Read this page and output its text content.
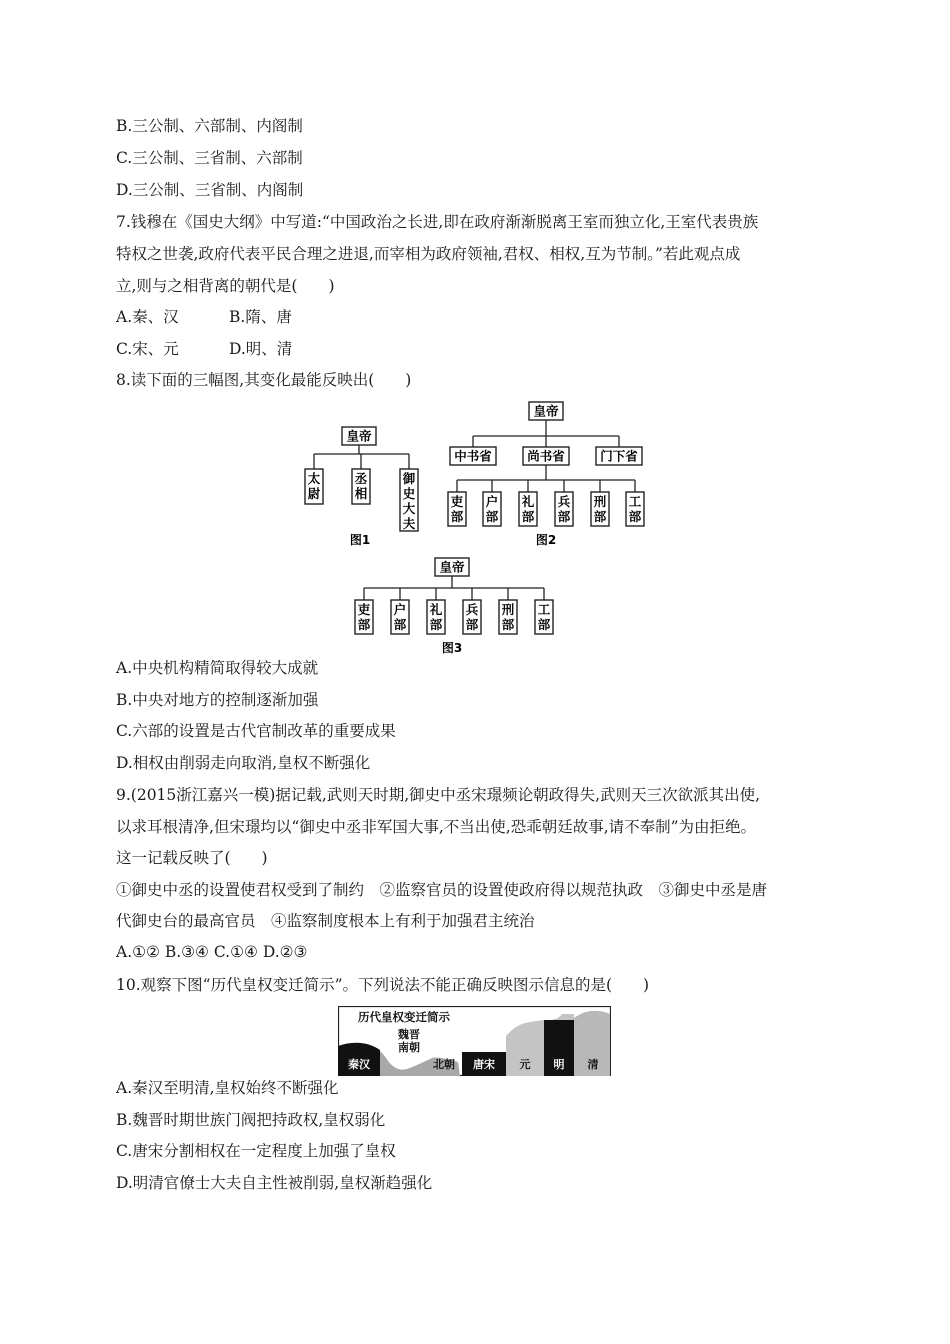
B.三公制、六部制、内阁制
C.三公制、三省制、六部制
D.三公制、三省制、内阁制
7.钱穆在《国史大纲》中写道:“中国政治之长进,即在政府渐渐脱离王室而独立化,王室代表贵族
特权之世袭,政府代表平民合理之进退,而宰相为政府领袖,君权、相权,互为节制。”若此观点成
立,则与之相背离的朝代是(　　)
A.秦、汉	B.隋、唐
C.宋、元	D.明、清
8.读下面的三幅图,其变化最能反映出(　　)
皇帝
太尉
丞相
御史大夫
图1
皇帝
中书省	尚书省	门下省
吏部
户部
礼部
兵部
刑部
工部
图2
皇帝
吏部
户部
礼部
兵部
刑部
工部
图3
A.中央机构精简取得较大成就
B.中央对地方的控制逐渐加强
C.六部的设置是古代官制改革的重要成果
D.相权由削弱走向取消,皇权不断强化
9.(2015浙江嘉兴一模)据记载,武则天时期,御史中丞宋璟频论朝政得失,武则天三次欲派其出使,
以求耳根清净,但宋璟均以“御史中丞非军国大事,不当出使,恐乖朝廷故事,请不奉制”为由拒绝。
这一记载反映了(　　)
①御史中丞的设置使君权受到了制约　②监察官员的设置使政府得以规范执政　③御史中丞是唐
代御史台的最高官员　④监察制度根本上有利于加强君主统治
A.①② B.③④ C.①④ D.②③
10.观察下图“历代皇权变迁简示”。下列说法不能正确反映图示信息的是(　　)
历代皇权变迁简示
魏晋
南朝
秦汉	北朝 唐宋 元 明 清
A.秦汉至明清,皇权始终不断强化
B.魏晋时期世族门阀把持政权,皇权弱化
C.唐宋分割相权在一定程度上加强了皇权
D.明清官僚士大夫自主性被削弱,皇权渐趋强化
